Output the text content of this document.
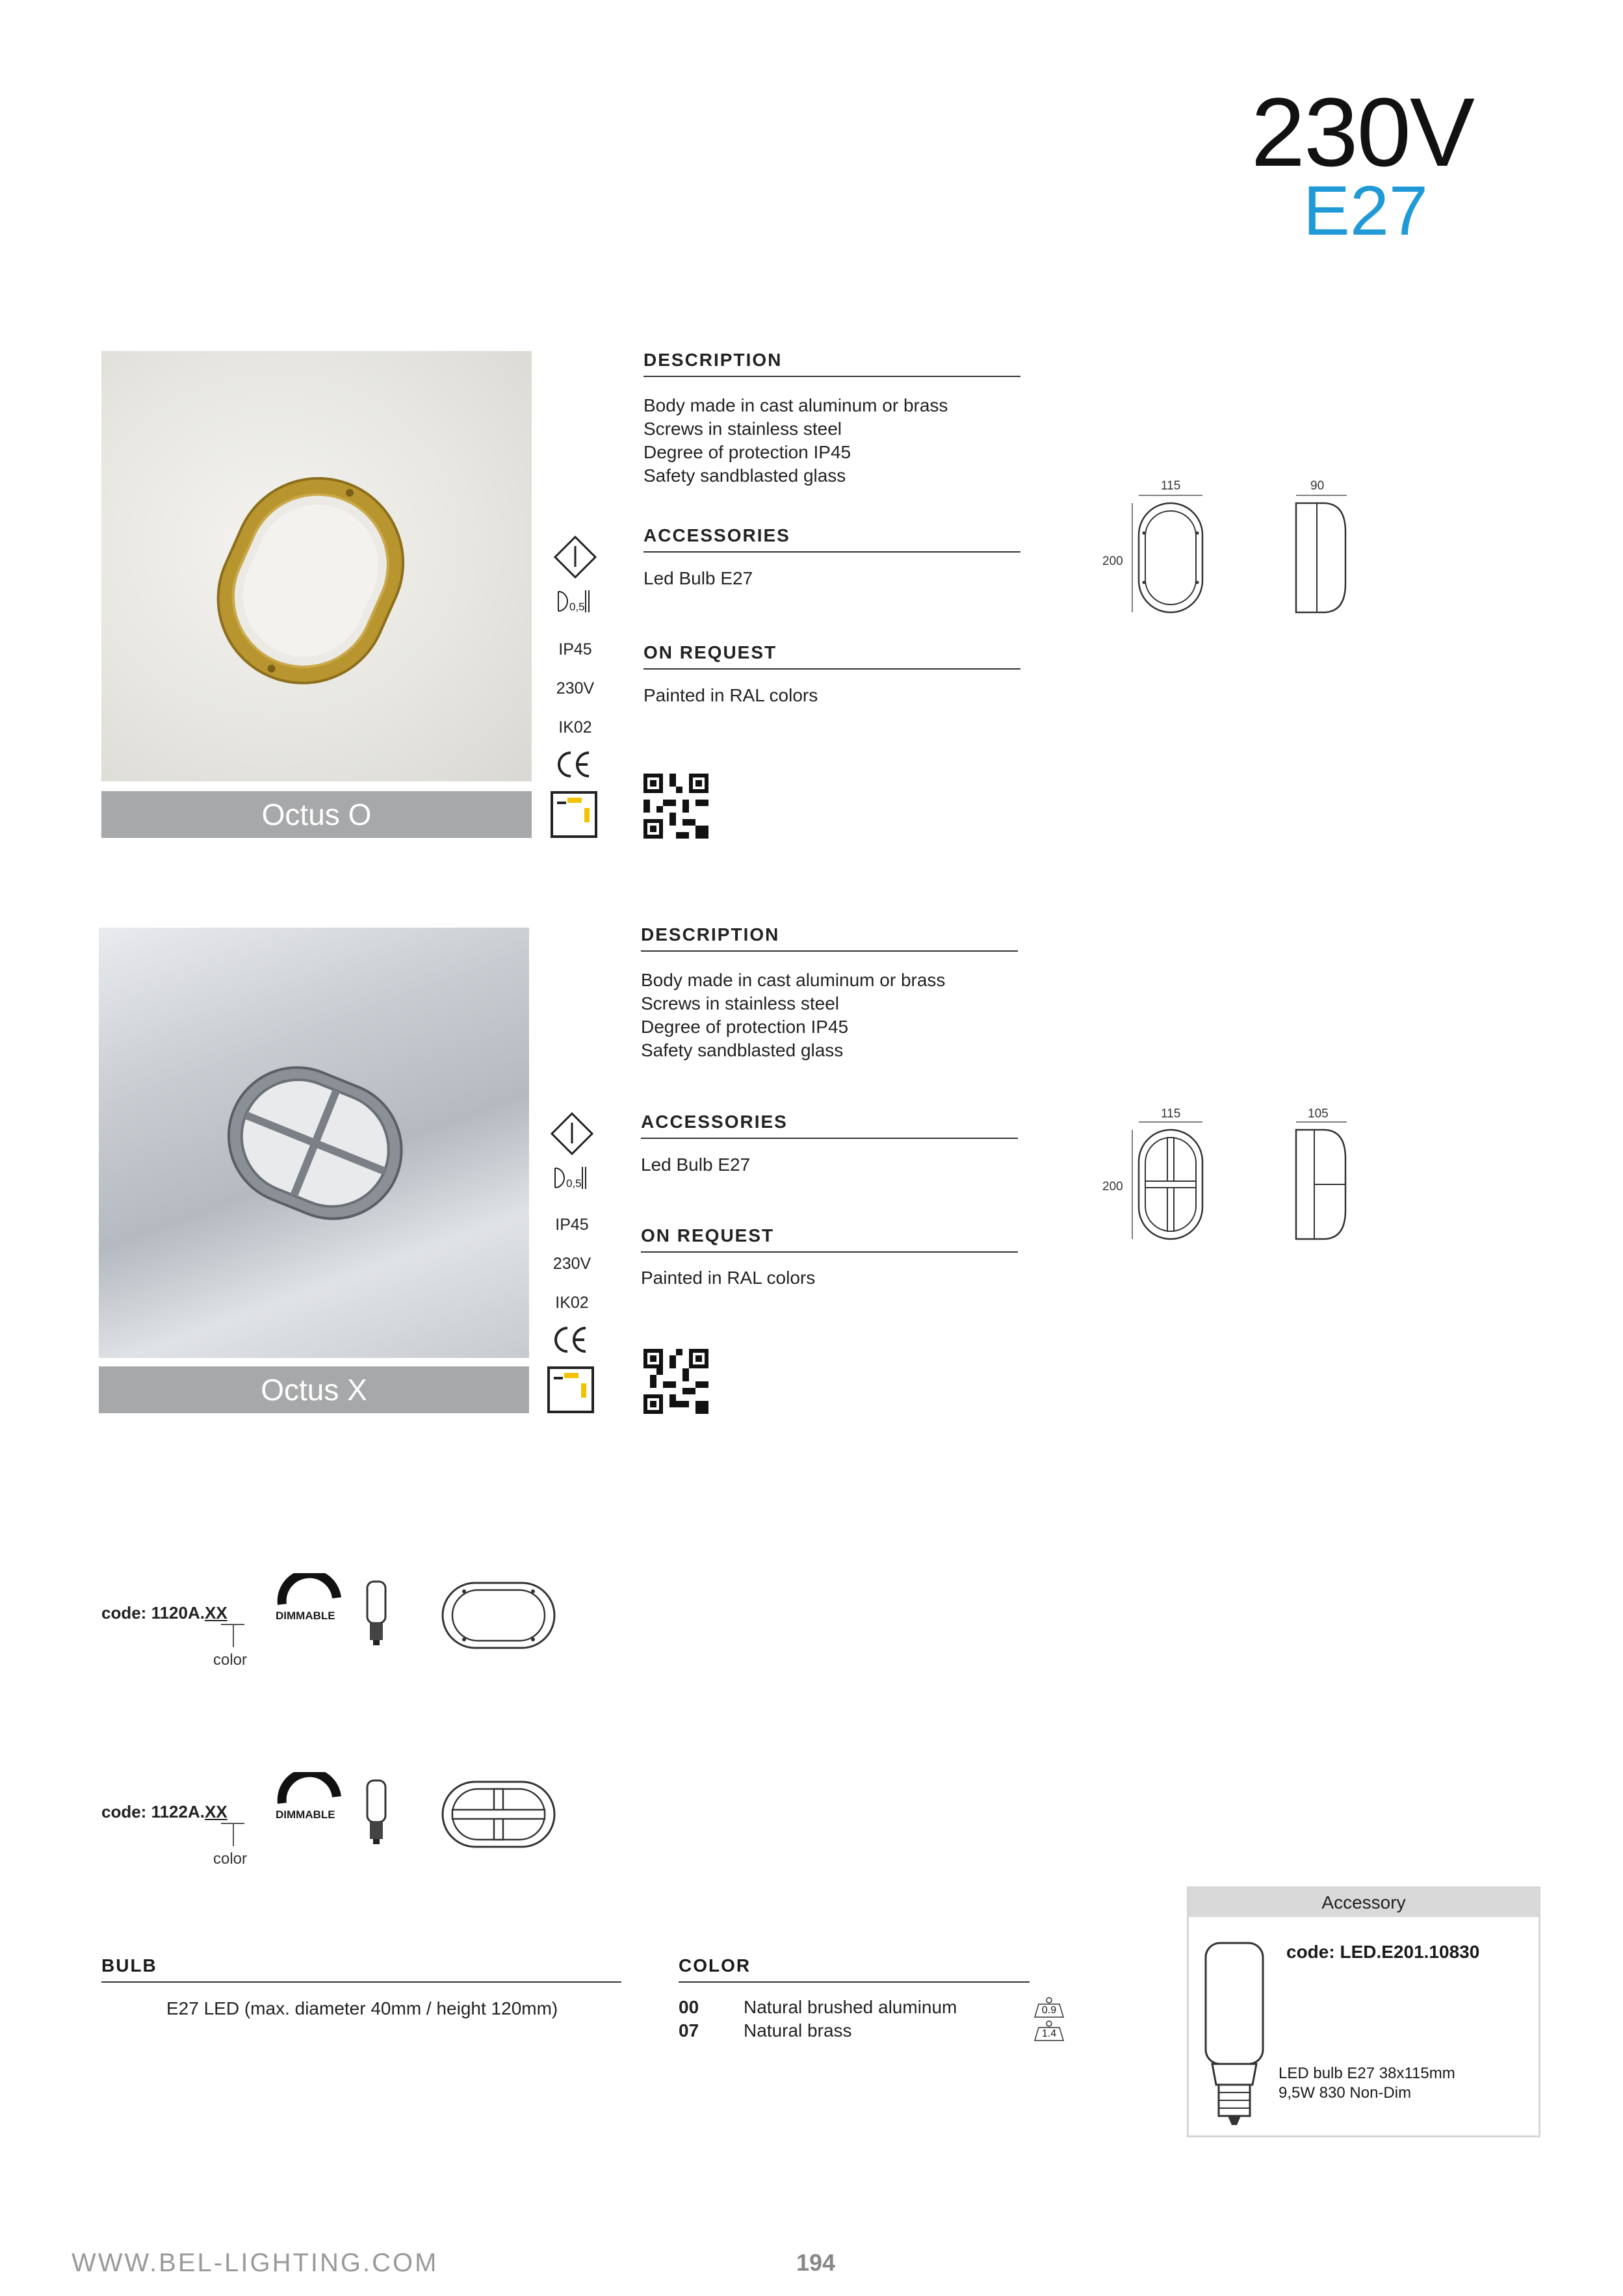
230V
E27
Octus O
0,5
IP45
230V
IK02
DESCRIPTION
Body made in cast aluminum or brass
Screws in stainless steel
Degree of protection IP45
Safety sandblasted glass
ACCESSORIES
Led Bulb E27
ON REQUEST
Painted in RAL colors
115	90
200
Octus X
0,5
IP45
230V
IK02
DESCRIPTION
Body made in cast aluminum or brass
Screws in stainless steel
Degree of protection IP45
Safety sandblasted glass
ACCESSORIES
Led Bulb E27
ON REQUEST
Painted in RAL colors
115	105
200
code: 1120A.XX
color
DIMMABLE
code: 1122A.XX
color
DIMMABLE
BULB
E27 LED (max. diameter 40mm / height 120mm)
COLOR
00	Natural brushed aluminum	0.9
07	Natural brass	1.4
Accessory
code: LED.E201.10830
LED bulb E27 38x115mm
9,5W 830 Non-Dim
WWW.BEL-LIGHTING.COM	194
